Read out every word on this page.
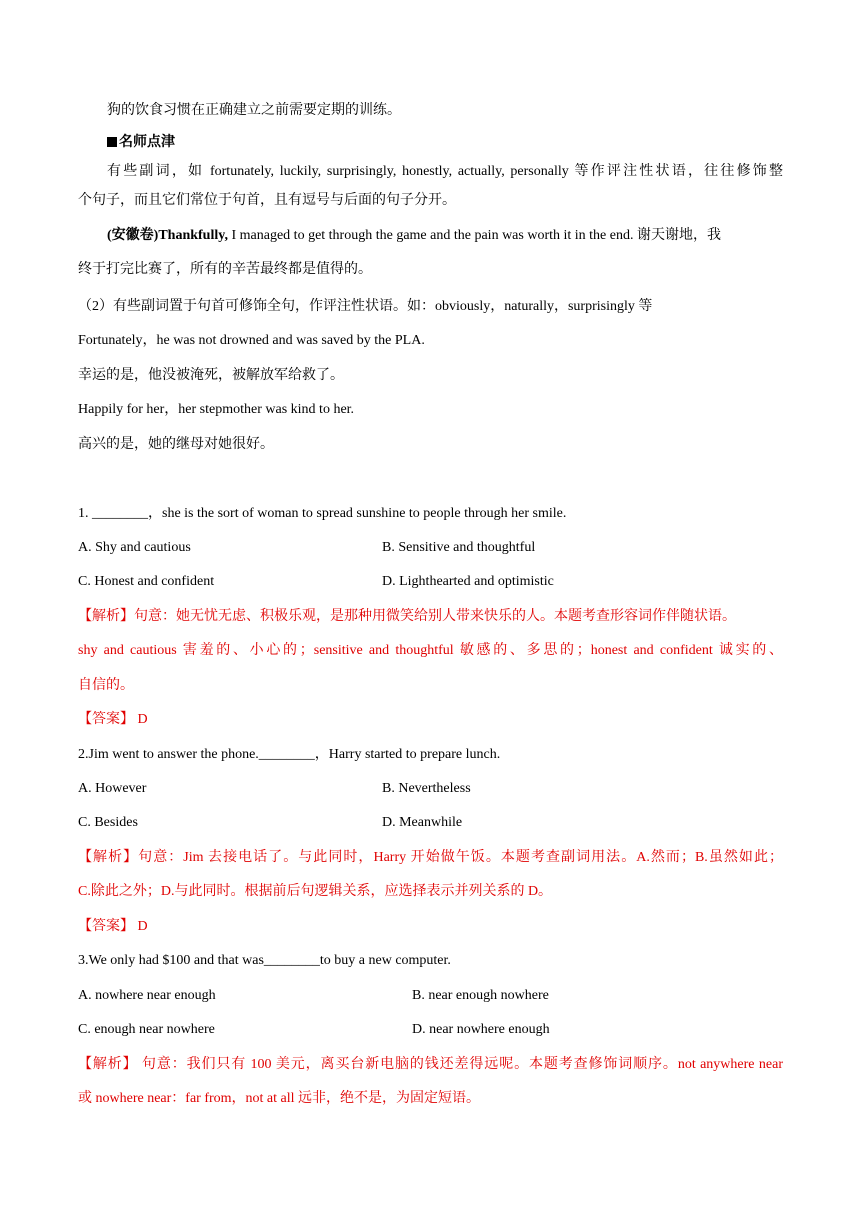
狗的饮食习惯在正确建立之前需要定期的训练。
名师点津
有些副词，如 fortunately, luckily, surprisingly, honestly, actually, personally 等作评注性状语，往往修饰整
个句子，而且它们常位于句首，且有逗号与后面的句子分开。
(安徽卷)Thankfully, I managed to get through the game and the pain was worth it in the end. 谢天谢地，我
终于打完比赛了，所有的辛苦最终都是值得的。
（2）有些副词置于句首可修饰全句，作评注性状语。如：obviously，naturally，surprisingly 等
Fortunately，he was not drowned and was saved by the PLA.
幸运的是，他没被淹死，被解放军给救了。
Happily for her，her stepmother was kind to her.
高兴的是，她的继母对她很好。
1. ________，she is the sort of woman to spread sunshine to people through her smile.
A. Shy and cautious	B. Sensitive and thoughtful
C. Honest and confident	D. Lighthearted and optimistic
【解析】句意：她无忧无虑、积极乐观，是那种用微笑给别人带来快乐的人。本题考查形容词作伴随状语。
shy and cautious 害羞的、小心的；sensitive and thoughtful 敏感的、多思的；honest and confident 诚实的、
自信的。
【答案】 D
2.Jim went to answer the phone.________，Harry started to prepare lunch.
A. However	B. Nevertheless
C. Besides	D. Meanwhile
【解析】句意：Jim 去接电话了。与此同时，Harry 开始做午饭。本题考查副词用法。A.然而；B.虽然如此；
C.除此之外；D.与此同时。根据前后句逻辑关系，应选择表示并列关系的 D。
【答案】 D
3.We only had $100 and that was________to buy a new computer.
A. nowhere near enough	B. near enough nowhere
C. enough near nowhere	D. near nowhere enough
【解析】 句意：我们只有 100 美元，离买台新电脑的钱还差得远呢。本题考查修饰词顺序。not anywhere near
或 nowhere near：far from，not at all 远非，绝不是，为固定短语。
